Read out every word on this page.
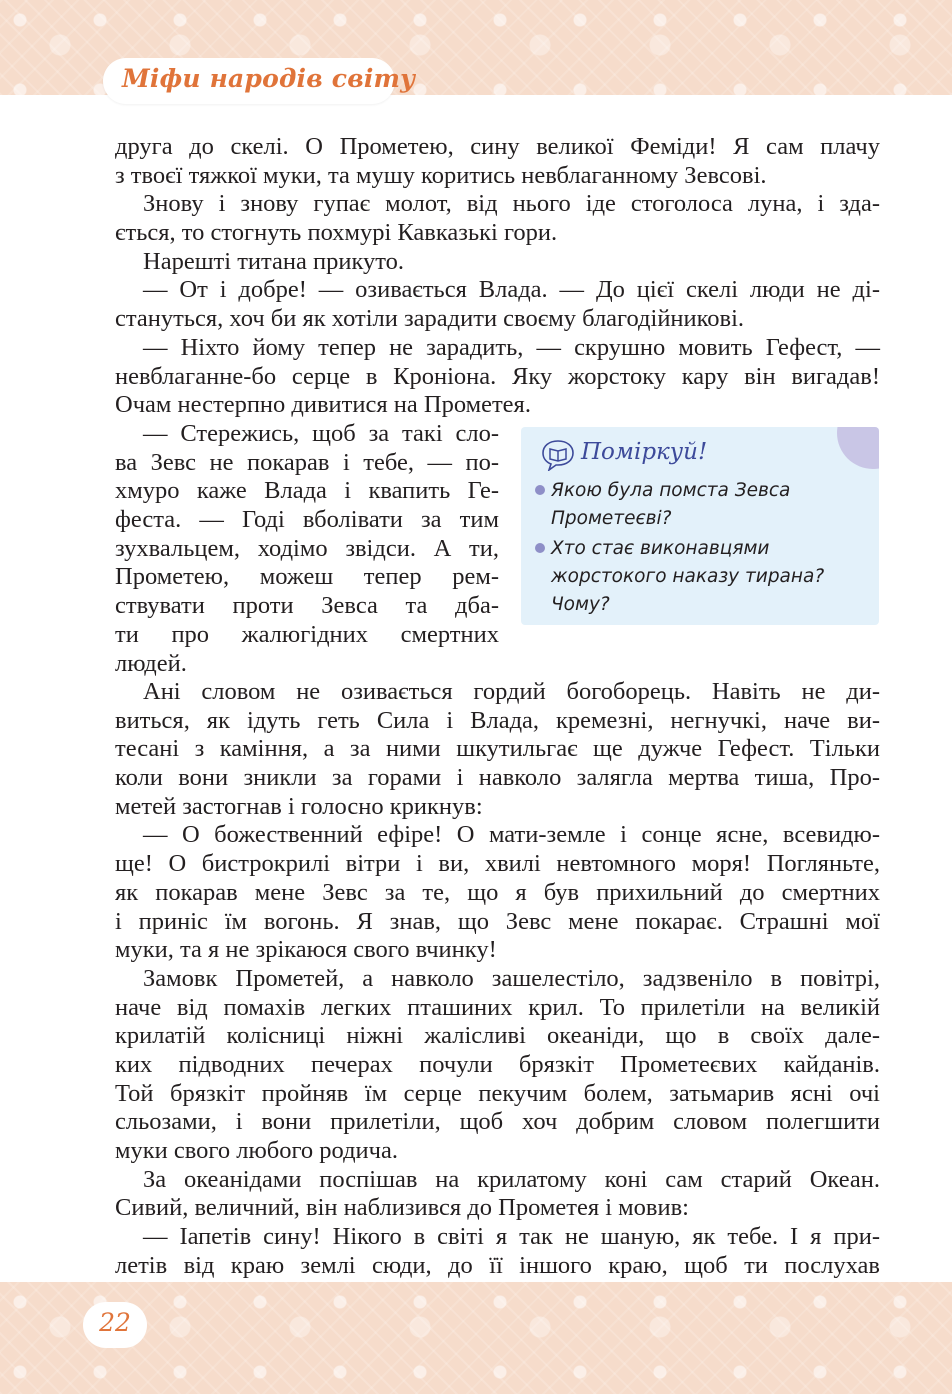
Міфи народів світу
друга до скелі. О Прометею, сину великої Феміди! Я сам плачу
з твоєї тяжкої муки, та мушу коритись невблаганному Зевсові.
Знову і знову гупає молот, від нього іде стоголоса луна, і зда-
ється, то стогнуть похмурі Кавказькі гори.
Нарешті титана прикуто.
— От і добре! — озивається Влада. — До цієї скелі люди не ді-
стануться, хоч би як хотіли зарадити своєму благодійникові.
— Ніхто йому тепер не зарадить, — скрушно мовить Гефест, —
невблаганне-бо серце в Кроніона. Яку жорстоку кару він вигадав!
Очам нестерпно дивитися на Прометея.
— Стережись, щоб за такі сло-
ва Зевс не покарав і тебе, — по-
хмуро каже Влада і квапить Ге-
феста. — Годі вболівати за тим
зухвальцем, ходімо звідси. А ти,
Прометею, можеш тепер рем-
ствувати проти Зевса та дба-
ти про жалюгідних смертних
людей.
Поміркуй!
Якою була помста Зевса
Прометеєві?
Хто стає виконавцями
жорстокого наказу тирана?
Чому?
Ані словом не озивається гордий богоборець. Навіть не ди-
виться, як ідуть геть Сила і Влада, кремезні, негнучкі, наче ви-
тесані з каміння, а за ними шкутильгає ще дужче Гефест. Тільки
коли вони зникли за горами і навколо залягла мертва тиша, Про-
метей застогнав і голосно крикнув:
— О божественний ефіре! О мати-земле і сонце ясне, всевидю-
ще! О бистрокрилі вітри і ви, хвилі невтомного моря! Погляньте,
як покарав мене Зевс за те, що я був прихильний до смертних
і приніс їм вогонь. Я знав, що Зевс мене покарає. Страшні мої
муки, та я не зрікаюся свого вчинку!
Замовк Прометей, а навколо зашелестіло, задзвеніло в повітрі,
наче від помахів легких пташиних крил. То прилетіли на великій
крилатій колісниці ніжні жалісливі океаніди, що в своїх дале-
ких підводних печерах почули брязкіт Прометеєвих кайданів.
Той брязкіт пройняв їм серце пекучим болем, затьмарив ясні очі
сльозами, і вони прилетіли, щоб хоч добрим словом полегшити
муки свого любого родича.
За океанідами поспішав на крилатому коні сам старий Океан.
Сивий, величний, він наблизився до Прометея і мовив:
— Іапетів сину! Нікого в світі я так не шаную, як тебе. І я при-
летів від краю землі сюди, до її іншого краю, щоб ти послухав
22
